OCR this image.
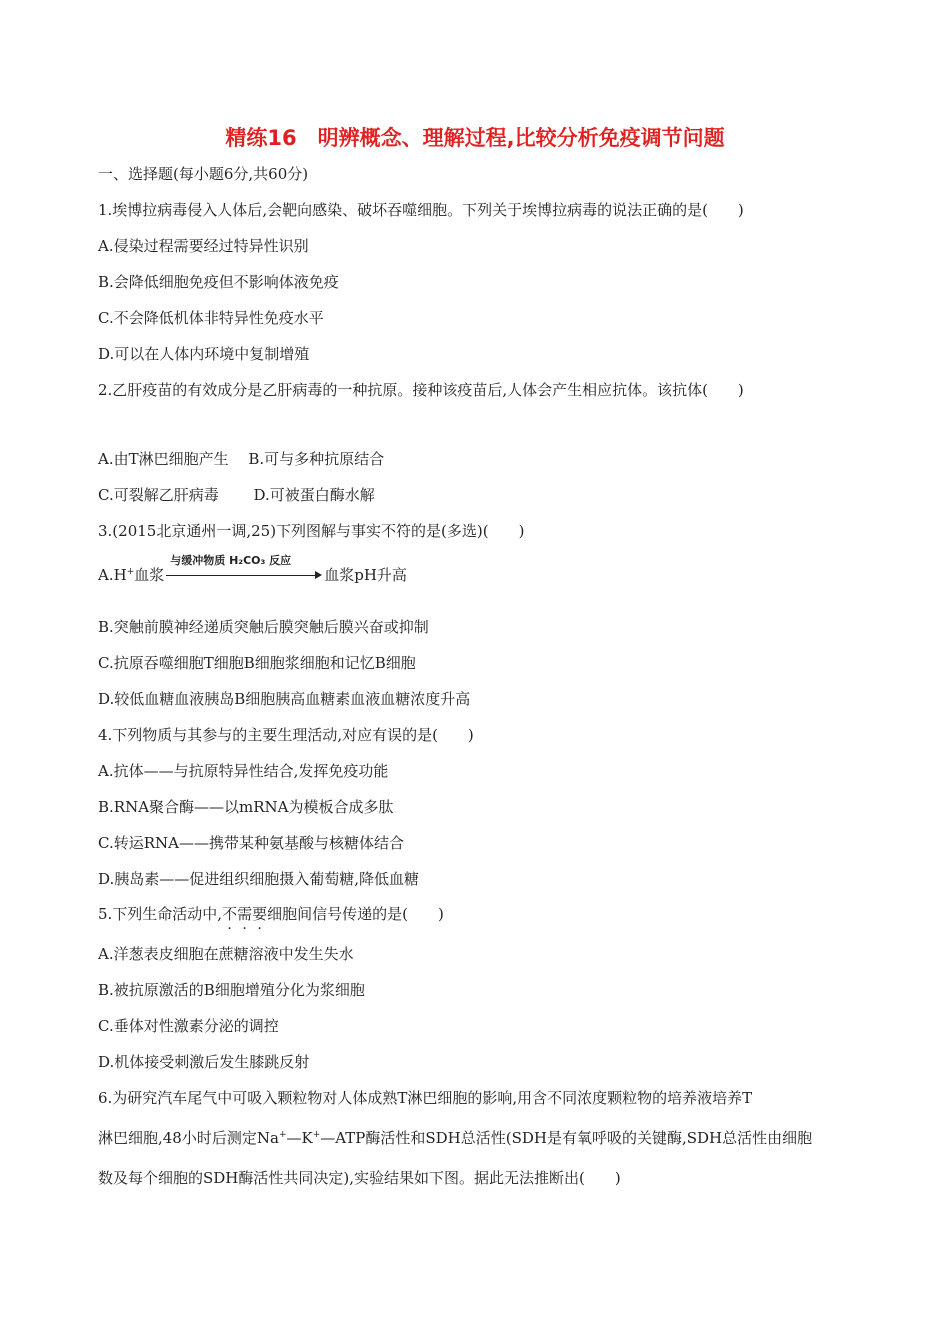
精练16　明辨概念、理解过程,比较分析免疫调节问题
一、选择题(每小题6分,共60分)
1.埃博拉病毒侵入人体后,会靶向感染、破坏吞噬细胞。下列关于埃博拉病毒的说法正确的是(　　)
A.侵染过程需要经过特异性识别
B.会降低细胞免疫但不影响体液免疫
C.不会降低机体非特异性免疫水平
D.可以在人体内环境中复制增殖
2.乙肝疫苗的有效成分是乙肝病毒的一种抗原。接种该疫苗后,人体会产生相应抗体。该抗体(　　)
A.由T淋巴细胞产生　 B.可与多种抗原结合
C.可裂解乙肝病毒　　 D.可被蛋白酶水解
3.(2015北京通州一调,25)下列图解与事实不符的是(多选)(　　)
A.H+血浆
与缓冲物质 H₂CO₃ 反应
血浆pH升高
B.突触前膜神经递质突触后膜突触后膜兴奋或抑制
C.抗原吞噬细胞T细胞B细胞浆细胞和记忆B细胞
D.较低血糖血液胰岛B细胞胰高血糖素血液血糖浓度升高
4.下列物质与其参与的主要生理活动,对应有误的是(　　)
A.抗体——与抗原特异性结合,发挥免疫功能
B.RNA聚合酶——以mRNA为模板合成多肽
C.转运RNA——携带某种氨基酸与核糖体结合
D.胰岛素——促进组织细胞摄入葡萄糖,降低血糖
5.下列生命活动中,不需要细胞间信号传递的是(　　)
A.洋葱表皮细胞在蔗糖溶液中发生失水
B.被抗原激活的B细胞增殖分化为浆细胞
C.垂体对性激素分泌的调控
D.机体接受刺激后发生膝跳反射
6.为研究汽车尾气中可吸入颗粒物对人体成熟T淋巴细胞的影响,用含不同浓度颗粒物的培养液培养T
淋巴细胞,48小时后测定Na+—K+—ATP酶活性和SDH总活性(SDH是有氧呼吸的关键酶,SDH总活性由细胞
数及每个细胞的SDH酶活性共同决定),实验结果如下图。据此无法推断出(　　)
